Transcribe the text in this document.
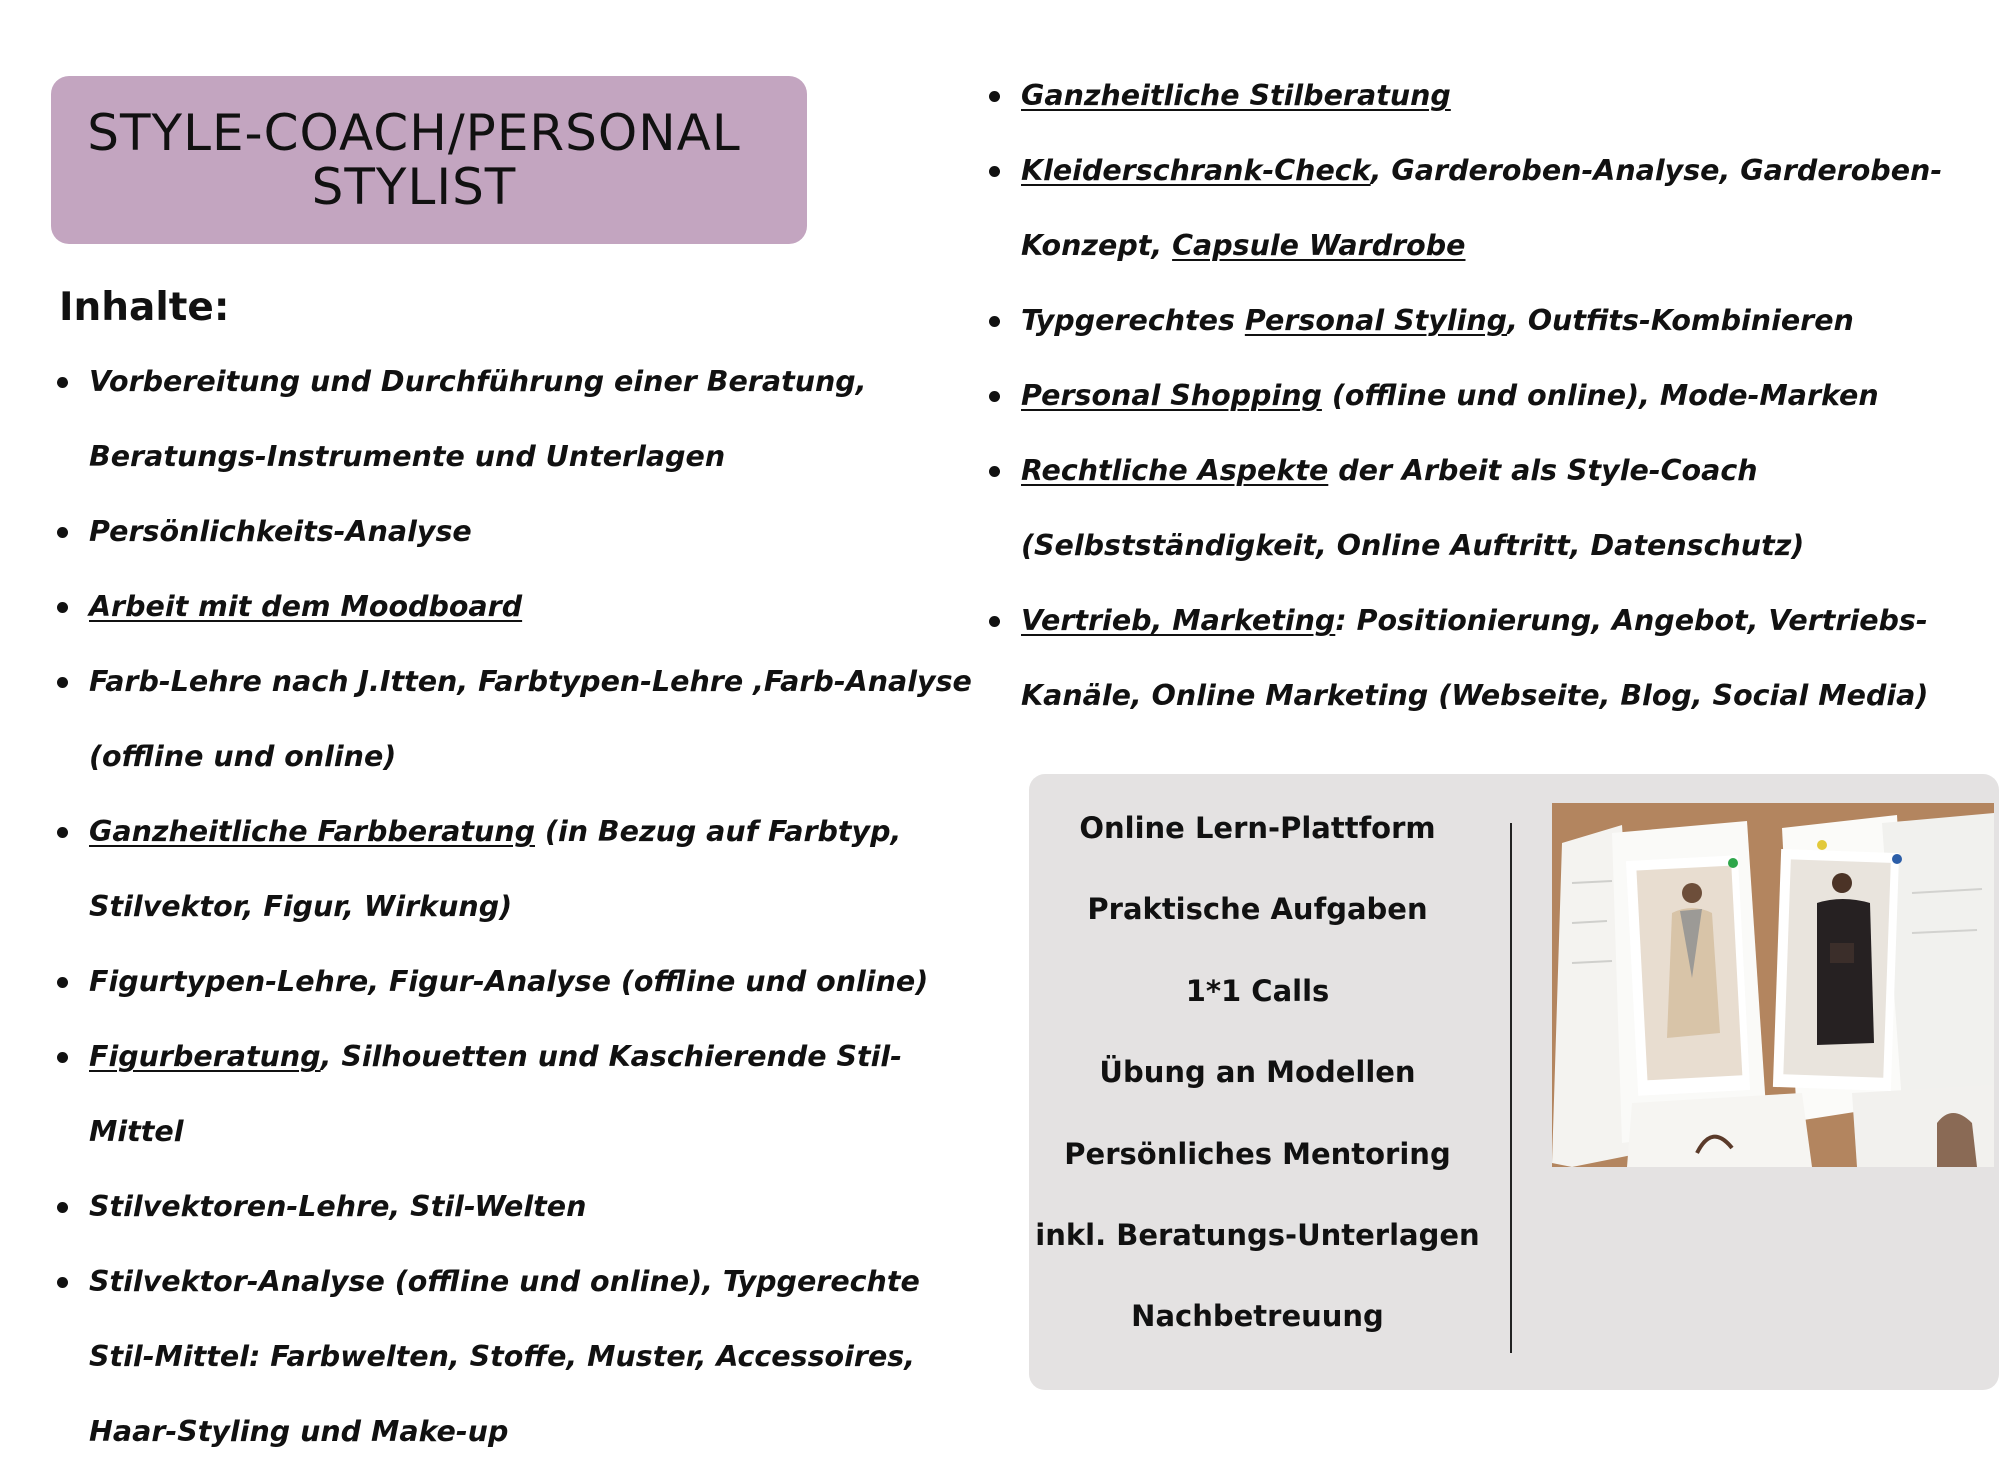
STYLE-COACH/PERSONAL
STYLIST
Inhalte:
Vorbereitung und Durchführung einer Beratung, Beratungs-Instrumente und Unterlagen
Persönlichkeits-Analyse
Arbeit mit dem Moodboard
Farb-Lehre nach J.Itten, Farbtypen-Lehre ,Farb-Analyse (offline und online)
Ganzheitliche Farbberatung (in Bezug auf Farbtyp, Stilvektor, Figur, Wirkung)
Figurtypen-Lehre, Figur-Analyse (offline und online)
Figurberatung, Silhouetten und Kaschierende Stil-Mittel
Stilvektoren-Lehre, Stil-Welten
Stilvektor-Analyse (offline und online), Typgerechte Stil-Mittel: Farbwelten, Stoffe, Muster, Accessoires, Haar-Styling und Make-up
Ganzheitliche Stilberatung
Kleiderschrank-Check, Garderoben-Analyse, Garderoben-Konzept, Capsule Wardrobe
Typgerechtes Personal Styling, Outfits-Kombinieren
Personal Shopping (offline und online), Mode-Marken
Rechtliche Aspekte der Arbeit als Style-Coach (Selbstständigkeit, Online Auftritt, Datenschutz)
Vertrieb, Marketing: Positionierung, Angebot, Vertriebs-Kanäle, Online Marketing (Webseite, Blog, Social Media)
Online Lern-Plattform
Praktische Aufgaben
1*1 Calls
Übung an Modellen
Persönliches Mentoring
inkl. Beratungs-Unterlagen
Nachbetreuung
